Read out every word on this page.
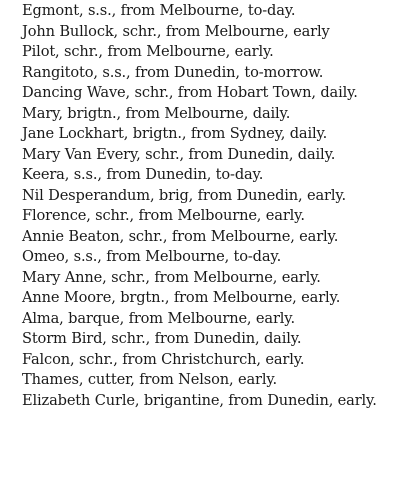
Egmont, s.s., from Melbourne, to-day.

John Bullock, schr., from Melbourne, early

Pilot, schr., from Melbourne, early.

Rangitoto, s.s., from Dunedin, to-morrow.

Dancing Wave, schr., from Hobart Town, daily.

Mary, brigtn., from Melbourne, daily.

Jane Lockhart, brigtn., from Sydney, daily.

Mary Van Every, schr., from Dunedin, daily.

Keera, s.s., from Dunedin, to-day.

Nil Desperandum, brig, from Dunedin, early.

Florence, schr., from Melbourne, early.

Annie Beaton, schr., from Melbourne, early.

Omeo, s.s., from Melbourne, to-day.

Mary Anne, schr., from Melbourne, early.

Anne Moore, brgtn., from Melbourne, early.

Alma, barque, from Melbourne, early.

Storm Bird, schr., from Dunedin, daily.

Falcon, schr., from Christchurch, early.

Thames, cutter, from Nelson, early.

Elizabeth Curle, brigantine, from Dunedin, early.
